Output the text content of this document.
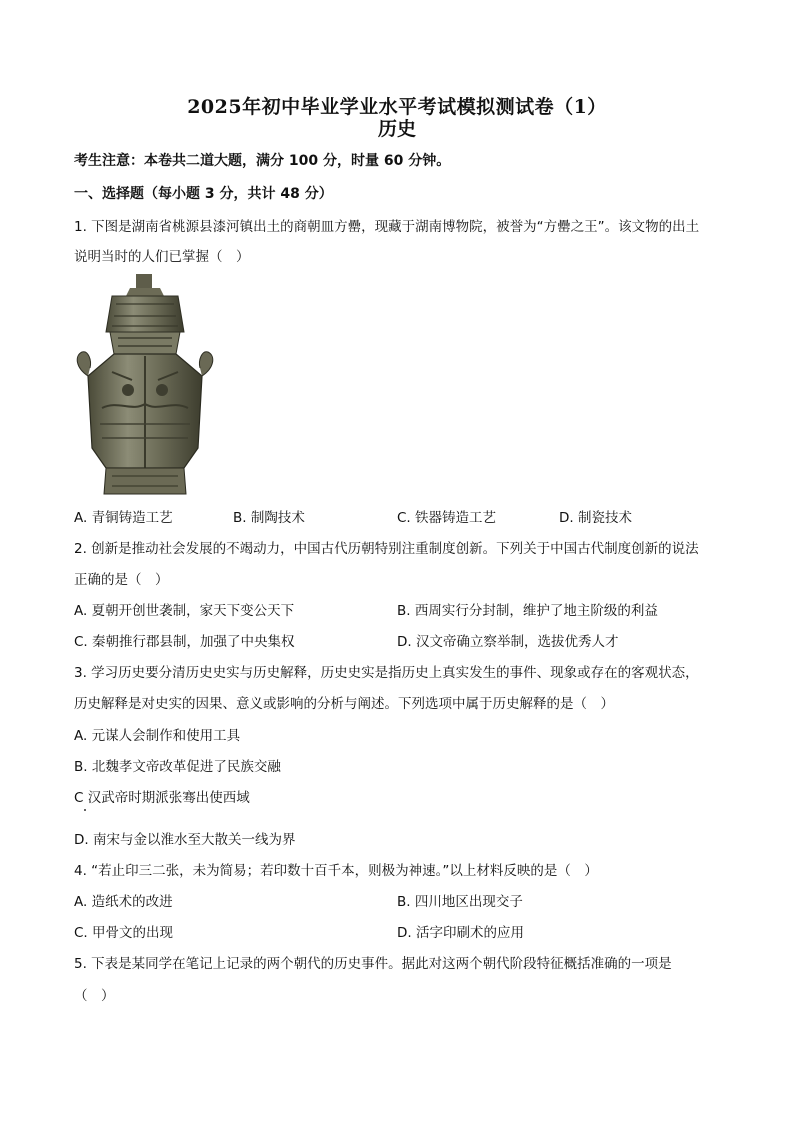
2025年初中毕业学业水平考试模拟测试卷（1）
历史
考生注意：本卷共二道大题，满分 100 分，时量 60 分钟。
一、选择题（每小题 3 分，共计 48 分）
1. 下图是湖南省桃源县漆河镇出土的商朝皿方罍，现藏于湖南博物院，被誉为“方罍之王”。该文物的出土
说明当时的人们已掌握（　）
A. 青铜铸造工艺	B. 制陶技术	C. 铁器铸造工艺	D. 制瓷技术
2. 创新是推动社会发展的不竭动力，中国古代历朝特别注重制度创新。下列关于中国古代制度创新的说法
正确的是（　）
A. 夏朝开创世袭制，家天下变公天下	B. 西周实行分封制，维护了地主阶级的利益
C. 秦朝推行郡县制，加强了中央集权	D. 汉文帝确立察举制，选拔优秀人才
3. 学习历史要分清历史史实与历史解释，历史史实是指历史上真实发生的事件、现象或存在的客观状态，
历史解释是对史实的因果、意义或影响的分析与阐述。下列选项中属于历史解释的是（　）
A. 元谋人会制作和使用工具
B. 北魏孝文帝改革促进了民族交融
C 汉武帝时期派张骞出使西域
D. 南宋与金以淮水至大散关一线为界
4. “若止印三二张，未为简易；若印数十百千本，则极为神速。”以上材料反映的是（　）
A. 造纸术的改进	B. 四川地区出现交子
C. 甲骨文的出现	D. 活字印刷术的应用
5. 下表是某同学在笔记上记录的两个朝代的历史事件。据此对这两个朝代阶段特征概括准确的一项是
（　）
